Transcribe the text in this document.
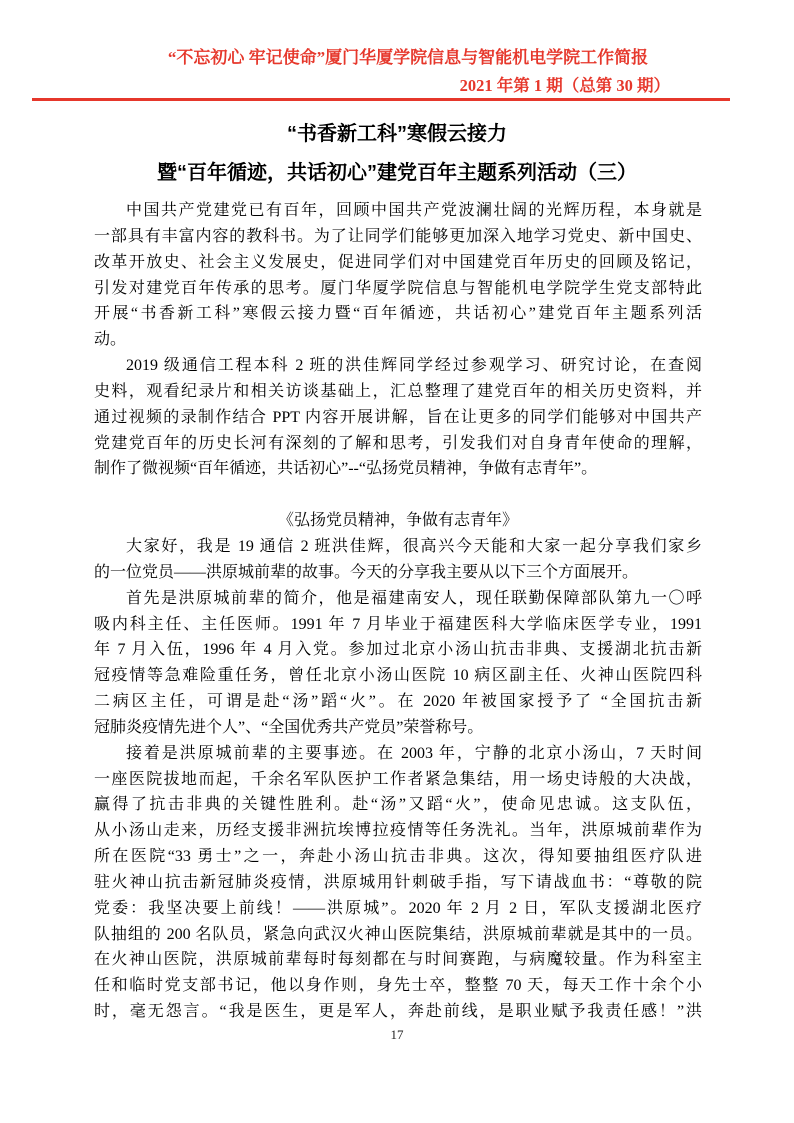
“不忘初心 牢记使命”厦门华厦学院信息与智能机电学院工作简报
2021 年第 1 期（总第 30 期）
“书香新工科”寒假云接力
暨“百年循迹，共话初心”建党百年主题系列活动（三）
中国共产党建党已有百年，回顾中国共产党波澜壮阔的光辉历程，本身就是
一部具有丰富内容的教科书。为了让同学们能够更加深入地学习党史、新中国史、
改革开放史、社会主义发展史，促进同学们对中国建党百年历史的回顾及铭记，
引发对建党百年传承的思考。厦门华厦学院信息与智能机电学院学生党支部特此
开展“书香新工科”寒假云接力暨“百年循迹，共话初心”建党百年主题系列活
动。
2019 级通信工程本科 2 班的洪佳辉同学经过参观学习、研究讨论，在查阅
史料，观看纪录片和相关访谈基础上，汇总整理了建党百年的相关历史资料，并
通过视频的录制作结合 PPT 内容开展讲解，旨在让更多的同学们能够对中国共产
党建党百年的历史长河有深刻的了解和思考，引发我们对自身青年使命的理解，
制作了微视频“百年循迹，共话初心”--“弘扬党员精神，争做有志青年”。
《弘扬党员精神，争做有志青年》
大家好，我是 19 通信 2 班洪佳辉，很高兴今天能和大家一起分享我们家乡
的一位党员——洪原城前辈的故事。今天的分享我主要从以下三个方面展开。
首先是洪原城前辈的简介，他是福建南安人，现任联勤保障部队第九一〇呼
吸内科主任、主任医师。1991 年 7 月毕业于福建医科大学临床医学专业，1991
年 7 月入伍，1996 年 4 月入党。参加过北京小汤山抗击非典、支援湖北抗击新
冠疫情等急难险重任务，曾任北京小汤山医院 10 病区副主任、火神山医院四科
二病区主任，可谓是赴“汤”蹈“火”。在 2020 年被国家授予了 “全国抗击新
冠肺炎疫情先进个人”、“全国优秀共产党员”荣誉称号。
接着是洪原城前辈的主要事迹。在 2003 年，宁静的北京小汤山，7 天时间
一座医院拔地而起，千余名军队医护工作者紧急集结，用一场史诗般的大决战，
赢得了抗击非典的关键性胜利。赴“汤”又蹈“火”，使命见忠诚。这支队伍，
从小汤山走来，历经支援非洲抗埃博拉疫情等任务洗礼。当年，洪原城前辈作为
所在医院“33 勇士”之一，奔赴小汤山抗击非典。这次，得知要抽组医疗队进
驻火神山抗击新冠肺炎疫情，洪原城用针刺破手指，写下请战血书：“尊敬的院
党委：我坚决要上前线！——洪原城”。2020 年 2 月 2 日，军队支援湖北医疗
队抽组的 200 名队员，紧急向武汉火神山医院集结，洪原城前辈就是其中的一员。
在火神山医院，洪原城前辈每时每刻都在与时间赛跑，与病魔较量。作为科室主
任和临时党支部书记，他以身作则，身先士卒，整整 70 天，每天工作十余个小
时，毫无怨言。“我是医生，更是军人，奔赴前线，是职业赋予我责任感！”洪
17
